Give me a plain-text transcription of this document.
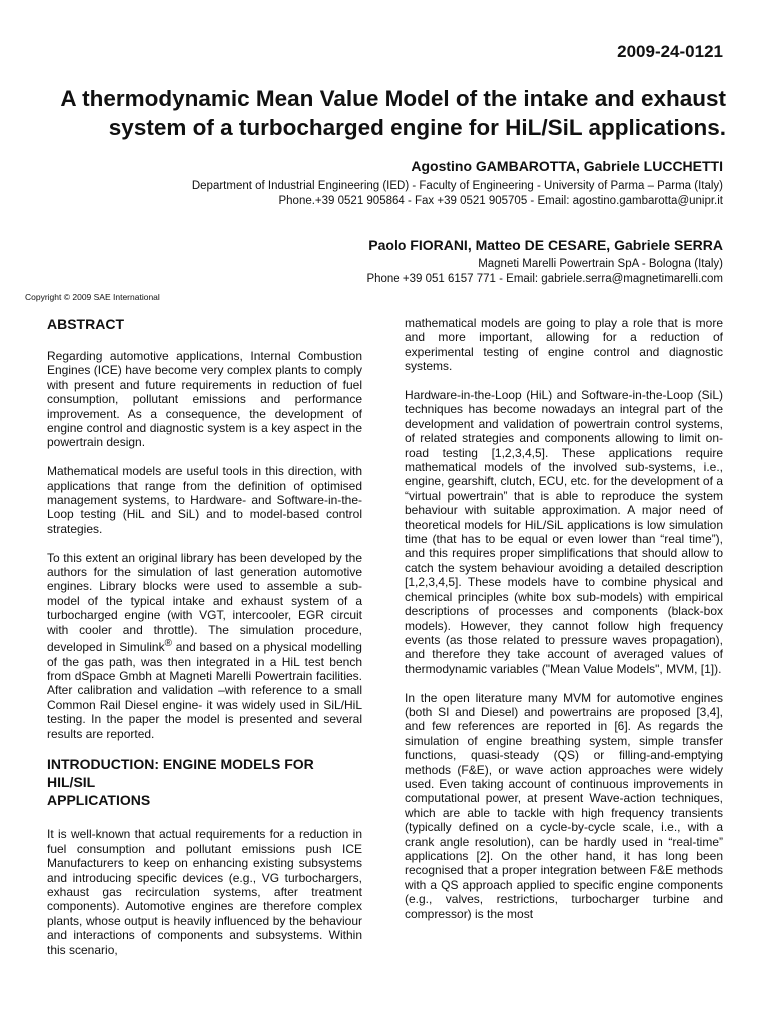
2009-24-0121
A thermodynamic Mean Value Model of the intake and exhaust
system of a turbocharged engine for HiL/SiL applications.
Agostino GAMBAROTTA, Gabriele LUCCHETTI
Department of Industrial Engineering (IED) - Faculty of Engineering - University of Parma – Parma (Italy)
Phone.+39 0521 905864 - Fax +39 0521 905705 - Email: agostino.gambarotta@unipr.it
Paolo FIORANI, Matteo DE CESARE, Gabriele SERRA
Magneti Marelli Powertrain SpA - Bologna (Italy)
Phone +39 051 6157 771 - Email: gabriele.serra@magnetimarelli.com
Copyright © 2009 SAE International
ABSTRACT

Regarding automotive applications, Internal Combustion Engines (ICE) have become very complex plants to comply with present and future requirements in reduction of fuel consumption, pollutant emissions and performance improvement. As a consequence, the development of engine control and diagnostic system is a key aspect in the powertrain design.

Mathematical models are useful tools in this direction, with applications that range from the definition of optimised management systems, to Hardware- and Software-in-the-Loop testing (HiL and SiL) and to model-based control strategies.

To this extent an original library has been developed by the authors for the simulation of last generation automotive engines. Library blocks were used to assemble a sub-model of the typical intake and exhaust system of a turbocharged engine (with VGT, intercooler, EGR circuit with cooler and throttle). The simulation procedure, developed in Simulink® and based on a physical modelling of the gas path, was then integrated in a HiL test bench from dSpace Gmbh at Magneti Marelli Powertrain facilities. After calibration and validation –with reference to a small Common Rail Diesel engine- it was widely used in SiL/HiL testing. In the paper the model is presented and several results are reported.

INTRODUCTION: ENGINE MODELS FOR HIL/SIL
APPLICATIONS

It is well-known that actual requirements for a reduction in fuel consumption and pollutant emissions push ICE Manufacturers to keep on enhancing existing subsystems and introducing specific devices (e.g., VG turbochargers, exhaust gas recirculation systems, after treatment components). Automotive engines are therefore complex plants, whose output is heavily influenced by the behaviour and interactions of components and subsystems. Within this scenario,

mathematical models are going to play a role that is more and more important, allowing for a reduction of experimental testing of engine control and diagnostic systems.

Hardware-in-the-Loop (HiL) and Software-in-the-Loop (SiL) techniques has become nowadays an integral part of the development and validation of powertrain control systems, of related strategies and components allowing to limit on-road testing [1,2,3,4,5]. These applications require mathematical models of the involved sub-systems, i.e., engine, gearshift, clutch, ECU, etc. for the development of a “virtual powertrain” that is able to reproduce the system behaviour with suitable approximation. A major need of theoretical models for HiL/SiL applications is low simulation time (that has to be equal or even lower than “real time”), and this requires proper simplifications that should allow to catch the system behaviour avoiding a detailed description [1,2,3,4,5]. These models have to combine physical and chemical principles (white box sub-models) with empirical descriptions of processes and components (black-box models). However, they cannot follow high frequency events (as those related to pressure waves propagation), and therefore they take account of averaged values of thermodynamic variables ("Mean Value Models", MVM, [1]).

In the open literature many MVM for automotive engines (both SI and Diesel) and powertrains are proposed [3,4], and few references are reported in [6]. As regards the simulation of engine breathing system, simple transfer functions, quasi-steady (QS) or filling-and-emptying methods (F&E), or wave action approaches were widely used. Even taking account of continuous improvements in computational power, at present Wave-action techniques, which are able to tackle with high frequency transients (typically defined on a cycle-by-cycle scale, i.e., with a crank angle resolution), can be hardly used in “real-time” applications [2]. On the other hand, it has long been recognised that a proper integration between F&E methods with a QS approach applied to specific engine components (e.g., valves, restrictions, turbocharger turbine and compressor) is the most
